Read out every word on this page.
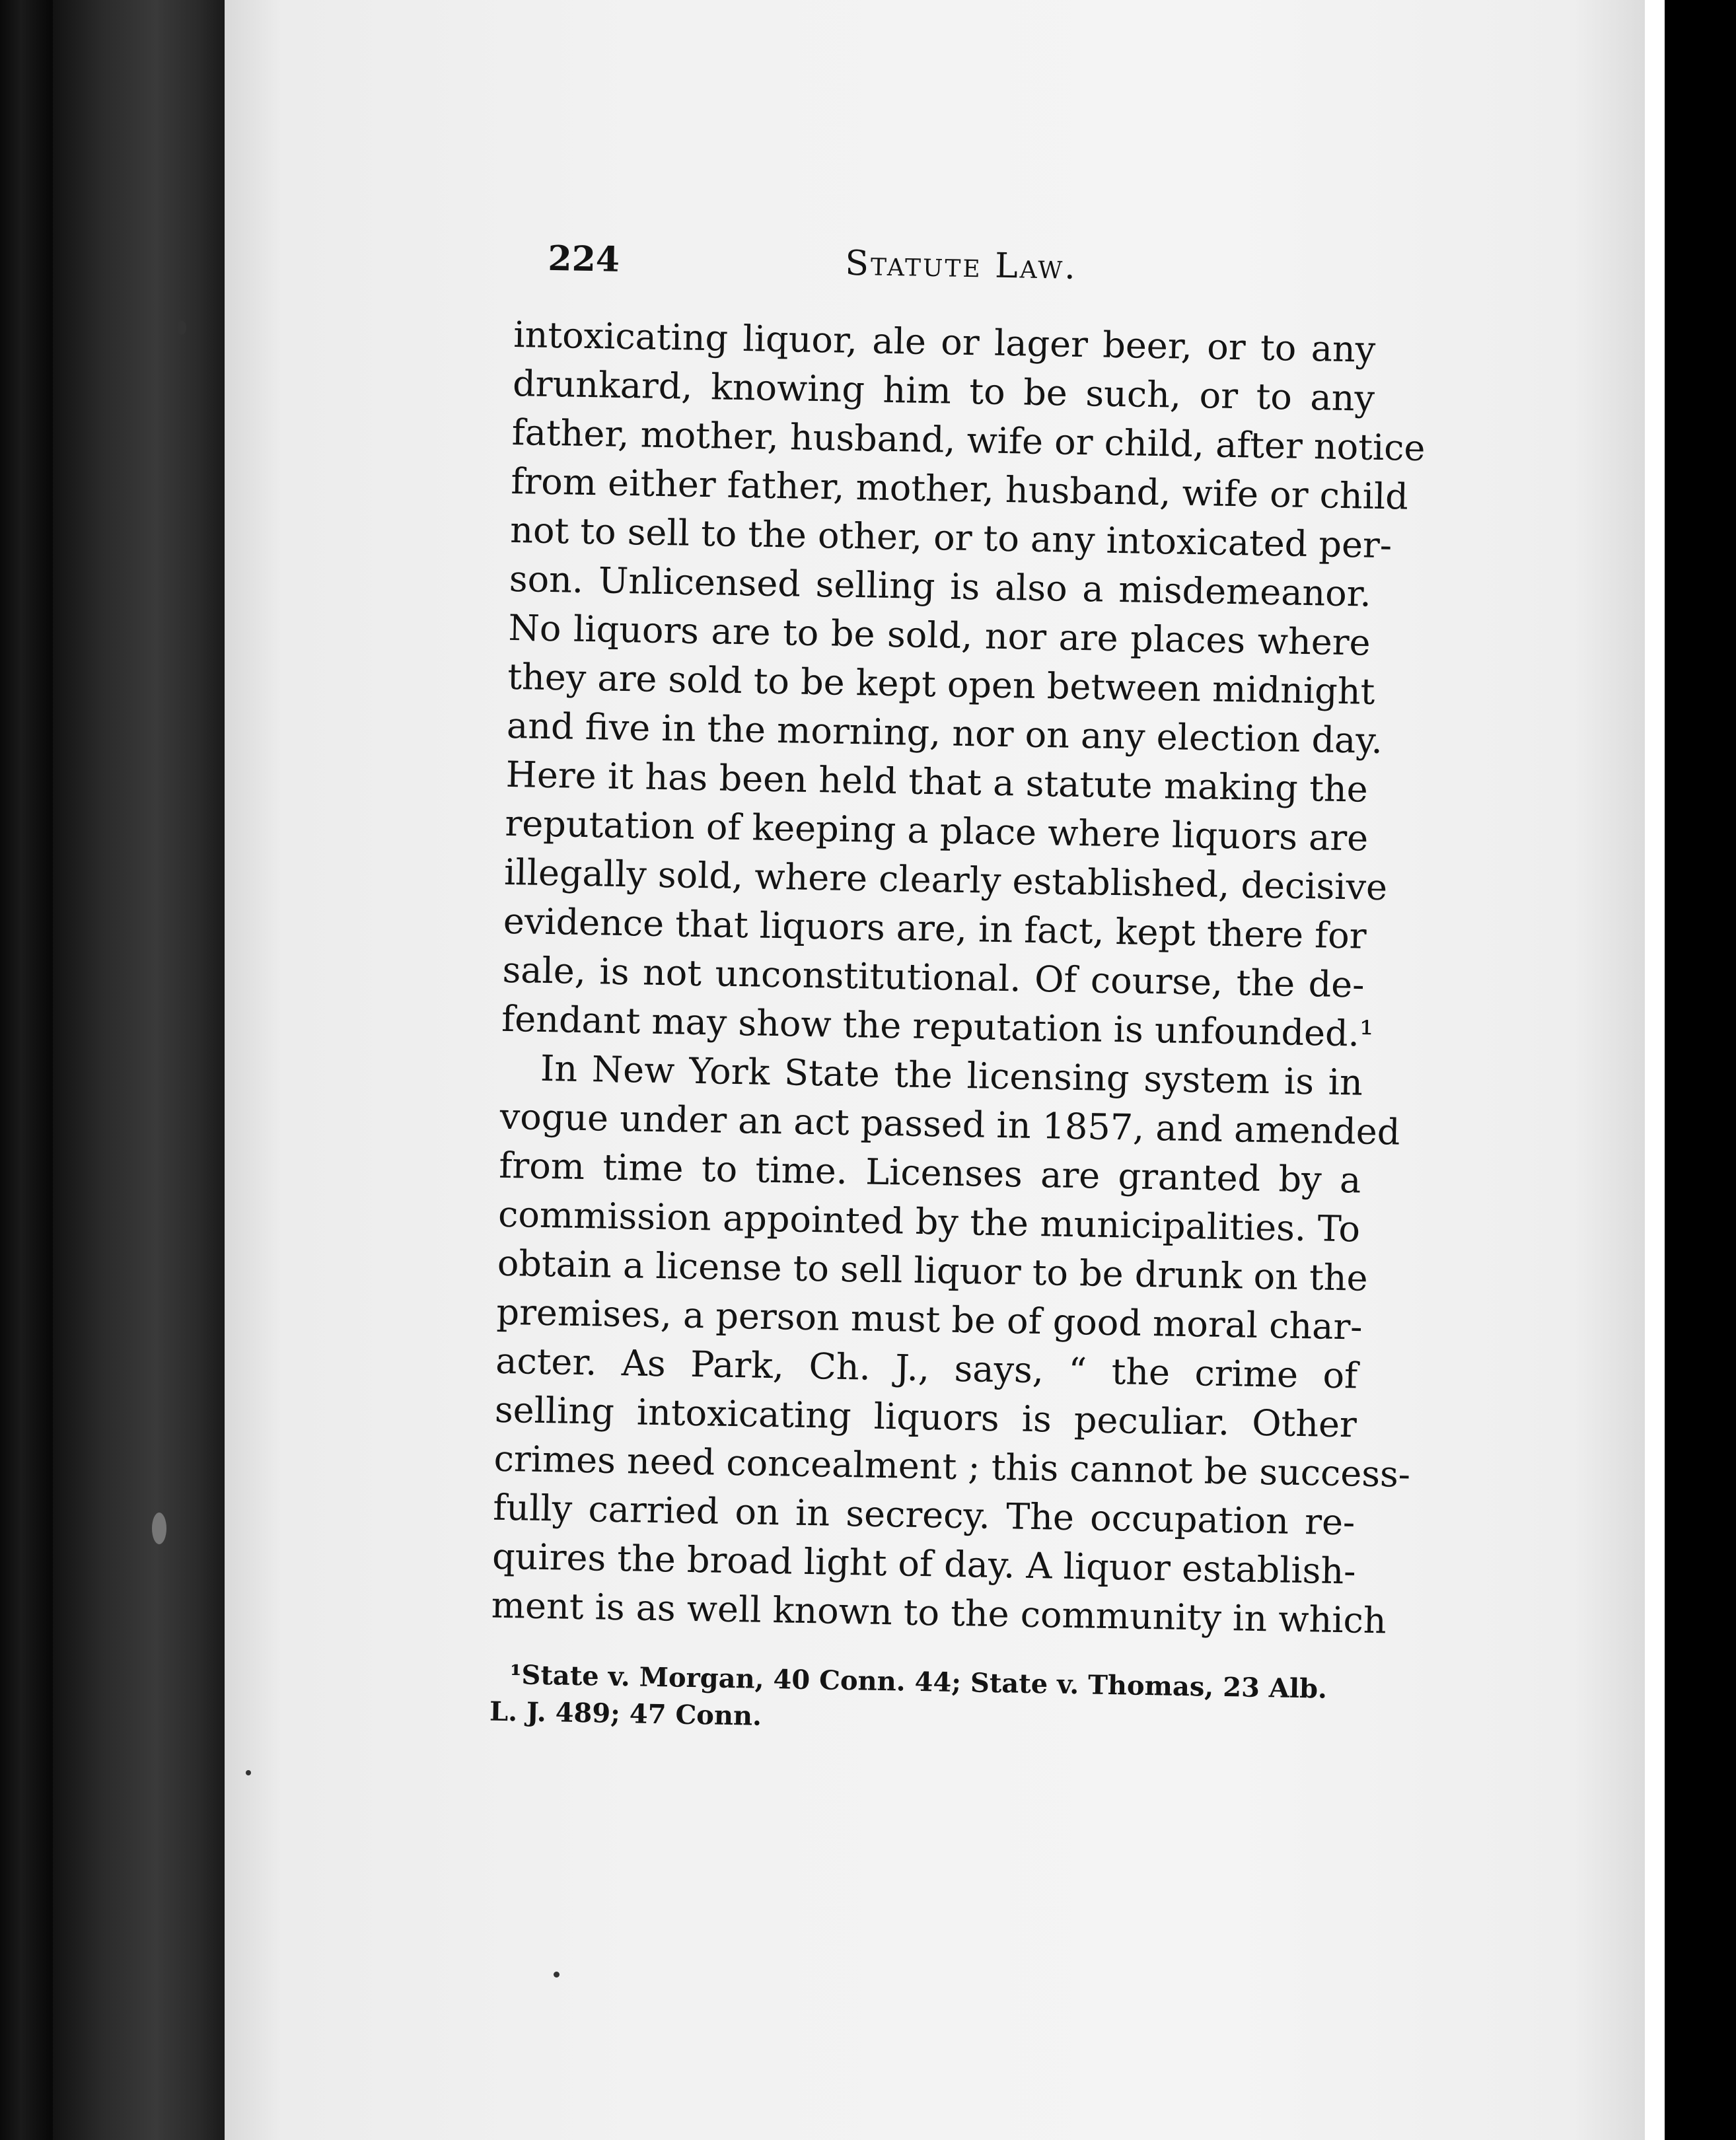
224	Statute Law.
intoxicating liquor, ale or lager beer, or to any
drunkard, knowing him to be such, or to any
father, mother, husband, wife or child, after notice
from either father, mother, husband, wife or child
not to sell to the other, or to any intoxicated per-
son. Unlicensed selling is also a misdemeanor.
No liquors are to be sold, nor are places where
they are sold to be kept open between midnight
and five in the morning, nor on any election day.
Here it has been held that a statute making the
reputation of keeping a place where liquors are
illegally sold, where clearly established, decisive
evidence that liquors are, in fact, kept there for
sale, is not unconstitutional. Of course, the de-
fendant may show the reputation is unfounded.¹
In New York State the licensing system is in
vogue under an act passed in 1857, and amended
from time to time. Licenses are granted by a
commission appointed by the municipalities. To
obtain a license to sell liquor to be drunk on the
premises, a person must be of good moral char-
acter. As Park, Ch. J., says, “ the crime of
selling intoxicating liquors is peculiar. Other
crimes need concealment ; this cannot be success-
fully carried on in secrecy. The occupation re-
quires the broad light of day. A liquor establish-
ment is as well known to the community in which
¹State v. Morgan, 40 Conn. 44; State v. Thomas, 23 Alb.
L. J. 489; 47 Conn.
